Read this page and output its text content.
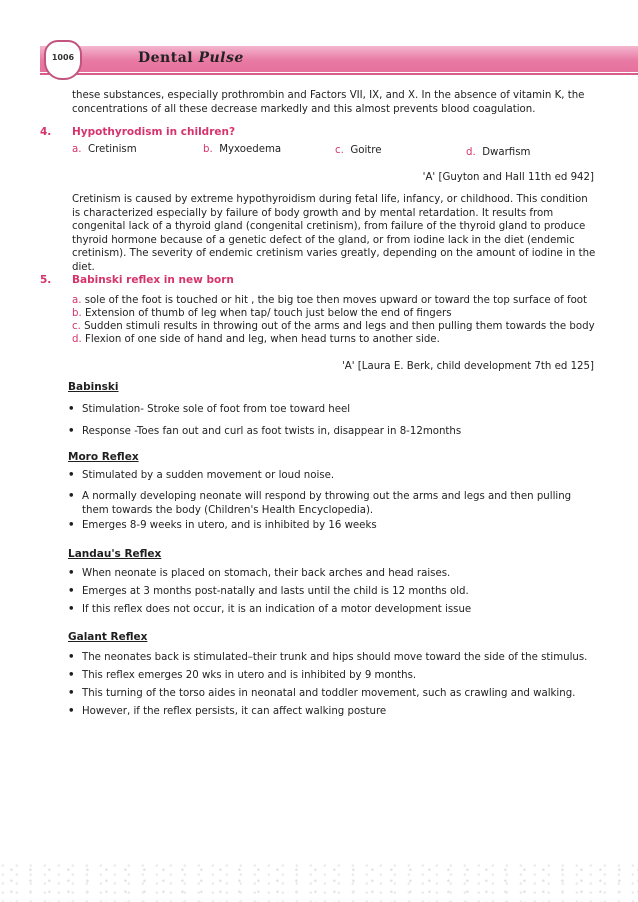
1006	Dental Pulse
these substances, especially prothrombin and Factors VII, IX, and X. In the absence of vitamin K, the concentrations of all these decrease markedly and this almost prevents blood coagulation.
4. Hypothyrodism in children?
a. Cretinism	b. Myxoedema	c. Goitre	d. Dwarfism
'A' [Guyton and Hall 11th ed 942]
Cretinism is caused by extreme hypothyroidism during fetal life, infancy, or childhood. This condition is characterized especially by failure of body growth and by mental retardation. It results from congenital lack of a thyroid gland (congenital cretinism), from failure of the thyroid gland to produce thyroid hormone because of a genetic defect of the gland, or from iodine lack in the diet (endemic cretinism). The severity of endemic cretinism varies greatly, depending on the amount of iodine in the diet.
5. Babinski reflex in new born
a. sole of the foot is touched or hit , the big toe then moves upward or toward the top surface of foot
b. Extension of thumb of leg when tap/ touch just below the end of fingers
c. Sudden stimuli results in throwing out of the arms and legs and then pulling them towards the body
d. Flexion of one side of hand and leg, when head turns to another side.
'A' [Laura E. Berk, child development 7th ed 125]
Babinski
• Stimulation- Stroke sole of foot from toe toward heel
• Response -Toes fan out and curl as foot twists in, disappear in 8-12months
Moro Reflex
• Stimulated by a sudden movement or loud noise.
• A normally developing neonate will respond by throwing out the arms and legs and then pulling them towards the body (Children's Health Encyclopedia).
• Emerges 8-9 weeks in utero, and is inhibited by 16 weeks
Landau's Reflex
• When neonate is placed on stomach, their back arches and head raises.
• Emerges at 3 months post-natally and lasts until the child is 12 months old.
• If this reflex does not occur, it is an indication of a motor development issue
Galant Reflex
• The neonates back is stimulated–their trunk and hips should move toward the side of the stimulus.
• This reflex emerges 20 wks in utero and is inhibited by 9 months.
• This turning of the torso aides in neonatal and toddler movement, such as crawling and walking.
• However, if the reflex persists, it can affect walking posture
